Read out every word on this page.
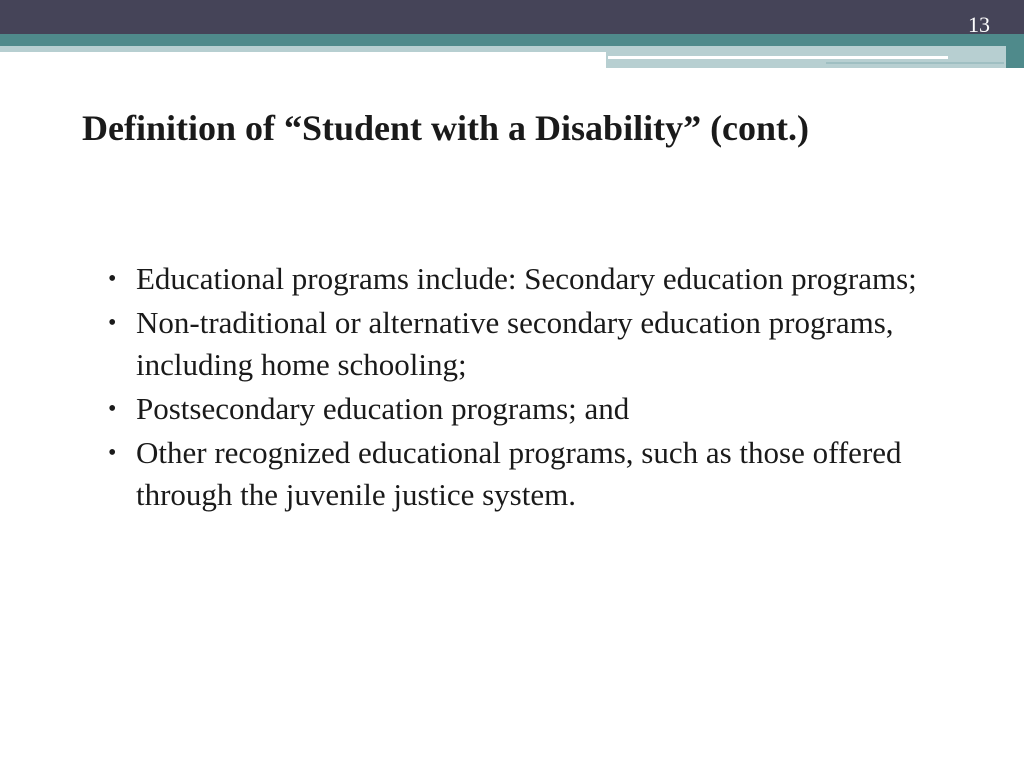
13
Definition of “Student with a Disability” (cont.)
• Educational programs include: Secondary education programs;
• Non-traditional or alternative secondary education programs, including home schooling;
• Postsecondary education programs; and
• Other recognized educational programs, such as those offered through the juvenile justice system.
